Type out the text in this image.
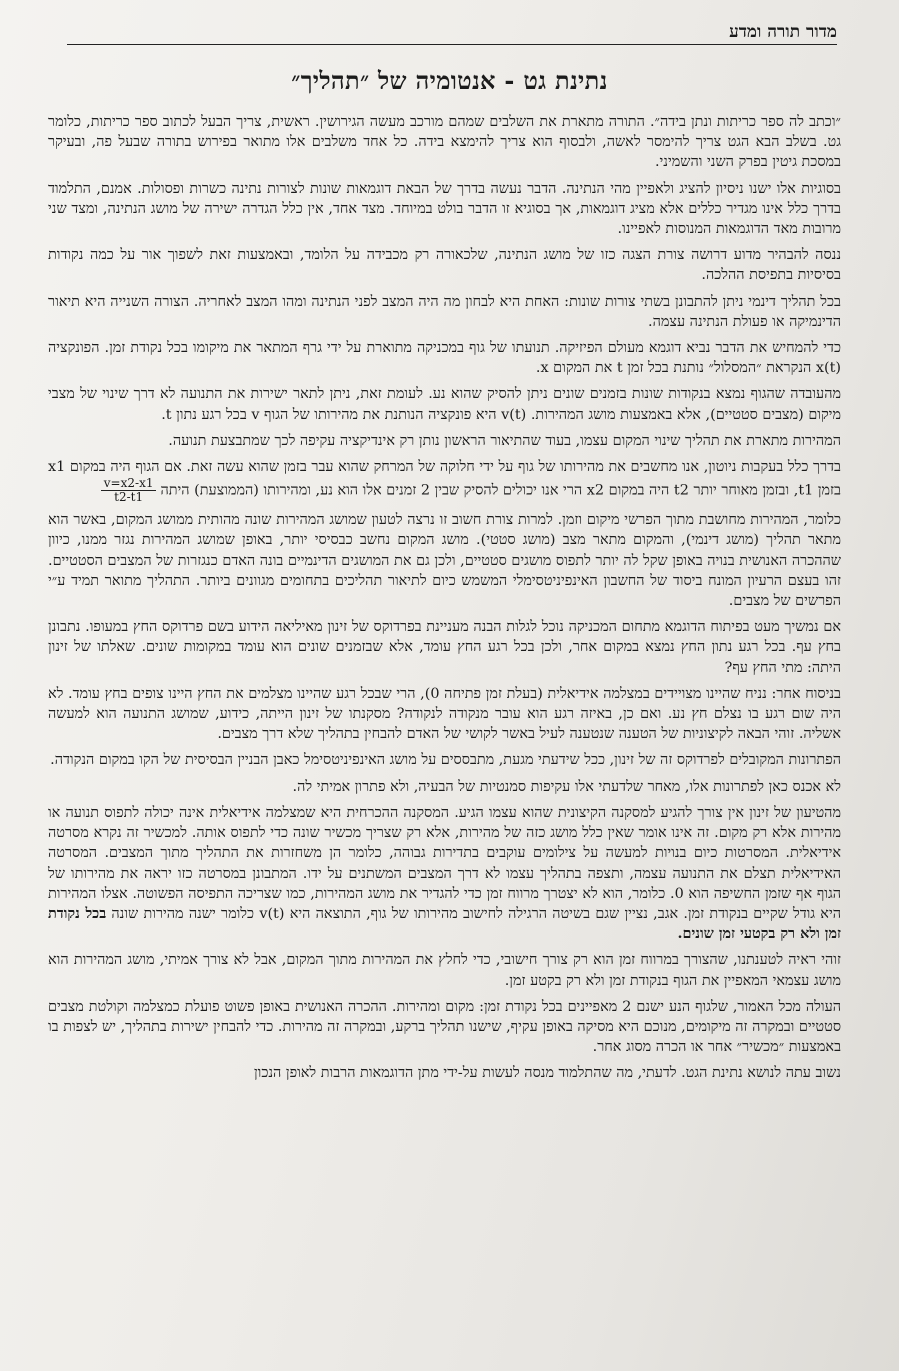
מדור תורה ומדע
נתינת גט - אנטומיה של ״תהליך״

״וכתב לה ספר כריתות ונתן בידה״. התורה מתארת את השלבים שמהם מורכב מעשה הגירושין. ראשית, צריך הבעל לכתוב ספר כריתות, כלומר גט. בשלב הבא הגט צריך להימסר לאשה, ולבסוף הוא צריך להימצא בידה. כל אחד משלבים אלו מתואר בפירוש בתורה שבעל פה, ובעיקר במסכת גיטין בפרק השני והשמיני.

בסוגיות אלו ישנו ניסיון להציג ולאפיין מהי הנתינה. הדבר נעשה בדרך של הבאת דוגמאות שונות לצורות נתינה כשרות ופסולות. אמנם, התלמוד בדרך כלל אינו מגדיר כללים אלא מציג דוגמאות, אך בסוגיא זו הדבר בולט במיוחד. מצד אחד, אין כלל הגדרה ישירה של מושג הנתינה, ומצד שני מרובות מאד הדוגמאות המנוסות לאפיינו.

ננסה להבהיר מדוע דרושה צורת הצגה כזו של מושג הנתינה, שלכאורה רק מכבידה על הלומד, ובאמצעות זאת לשפוך אור על כמה נקודות בסיסיות בתפיסת ההלכה.

בכל תהליך דינמי ניתן להתבונן בשתי צורות שונות: האחת היא לבחון מה היה המצב לפני הנתינה ומהו המצב לאחריה. הצורה השנייה היא תיאור הדינמיקה או פעולת הנתינה עצמה.

כדי להמחיש את הדבר נביא דוגמא מעולם הפיזיקה. תנועתו של גוף במכניקה מתוארת על ידי גרף המתאר את מיקומו בכל נקודת זמן. הפונקציה x(t) הנקראת ״המסלול״ נותנת בכל זמן t את המקום x.

מהעובדה שהגוף נמצא בנקודות שונות בזמנים שונים ניתן להסיק שהוא נע. לעומת זאת, ניתן לתאר ישירות את התנועה לא דרך שינוי של מצבי מיקום (מצבים סטטיים), אלא באמצעות מושג המהירות. v(t) היא פונקציה הנותנת את מהירותו של הגוף v בכל רגע נתון t.

המהירות מתארת את תהליך שינוי המקום עצמו, בעוד שהתיאור הראשון נותן רק אינדיקציה עקיפה לכך שמתבצעת תנועה.

בדרך כלל בעקבות ניוטון, אנו מחשבים את מהירותו של גוף על ידי חלוקה של המרחק שהוא עבר בזמן שהוא עשה זאת. אם הגוף היה במקום x1 בזמן t1, ובזמן מאוחר יותר t2 היה במקום x2 הרי אנו יכולים להסיק שבין 2 זמנים אלו הוא נע, ומהירותו (הממוצעת) היתה
$\frac{v=x2-x1}{t2-t1}$

כלומר, המהירות מחושבת מתוך הפרשי מיקום וזמן. למרות צורת חשוב זו נרצה לטעון שמושג המהירות שונה מהותית ממושג המקום, באשר הוא מתאר תהליך (מושג דינמי), והמקום מתאר מצב (מושג סטטי). מושג המקום נחשב כבסיסי יותר, באופן שמושג המהירות נגזר ממנו, כיוון שההכרה האנושית בנויה באופן שקל לה יותר לתפוס מושגים סטטיים, ולכן גם את המושגים הדינמיים בונה האדם כנגזרות של המצבים הסטטיים. זהו בעצם הרעיון המונח ביסוד של החשבון האינפיניטסימלי המשמש כיום לתיאור תהליכים בתחומים מגוונים ביותר. התהליך מתואר תמיד ע״י הפרשים של מצבים.

אם נמשיך מעט בפיתוח הדוגמא מתחום המכניקה נוכל לגלות הבנה מעניינת בפרדוקס של זינון מאיליאה הידוע בשם פרדוקס החץ במעופו. נתבונן בחץ עף. בכל רגע נתון החץ נמצא במקום אחר, ולכן בכל רגע החץ עומד, אלא שבזמנים שונים הוא עומד במקומות שונים. שאלתו של זינון היתה: מתי החץ עף?

בניסוח אחר: נניח שהיינו מצויידים במצלמה אידיאלית (בעלת זמן פתיחה 0), הרי שבכל רגע שהיינו מצלמים את החץ היינו צופים בחץ עומד. לא היה שום רגע בו נצלם חץ נע. ואם כן, באיזה רגע הוא עובר מנקודה לנקודה? מסקנתו של זינון הייתה, כידוע, שמושג התנועה הוא למעשה אשליה. זוהי הבאה לקיצוניות של הטענה שנטענה לעיל באשר לקושי של האדם להבחין בתהליך שלא דרך מצבים.

הפתרונות המקובלים לפרדוקס זה של זינון, ככל שידעתי מגעת, מתבססים על מושג האינפיניטסימל כאבן הבניין הבסיסית של הקו במקום הנקודה.

לא אכנס כאן לפתרונות אלו, מאחר שלדעתי אלו עקיפות סמנטיות של הבעיה, ולא פתרון אמיתי לה.

מהטיעון של זינון אין צורך להגיע למסקנה הקיצונית שהוא עצמו הגיע. המסקנה ההכרחית היא שמצלמה אידיאלית אינה יכולה לתפוס תנועה או מהירות אלא רק מקום. זה אינו אומר שאין כלל מושג כזה של מהירות, אלא רק שצריך מכשיר שונה כדי לתפוס אותה. למכשיר זה נקרא מסרטה אידיאלית. המסרטות כיום בנויות למעשה על צילומים עוקבים בתדירות גבוהה, כלומר הן משחזרות את התהליך מתוך המצבים. המסרטה האידיאלית תצלם את התנועה עצמה, ותצפה בתהליך עצמו לא דרך המצבים המשתנים על ידו. המתבונן במסרטה כזו יראה את מהירותו של הגוף אף שזמן החשיפה הוא 0. כלומר, הוא לא יצטרך מרווח זמן כדי להגדיר את מושג המהירות, כמו שצריכה התפיסה הפשוטה. אצלו המהירות היא גודל שקיים בנקודת זמן. אגב, נציין שגם בשיטה הרגילה לחישוב מהירותו של גוף, התוצאה היא v(t) כלומר ישנה מהירות שונה בכל נקודת זמן ולא רק בקטעי זמן שונים.

זוהי ראיה לטענתנו, שהצורך במרווח זמן הוא רק צורך חישובי, כדי לחלץ את המהירות מתוך המקום, אבל לא צורך אמיתי, מושג המהירות הוא מושג עצמאי המאפיין את הגוף בנקודת זמן ולא רק בקטע זמן.

העולה מכל האמור, שלגוף הנע ישנם 2 מאפיינים בכל נקודת זמן: מקום ומהירות. ההכרה האנושית באופן פשוט פועלת כמצלמה וקולטת מצבים סטטיים ובמקרה זה מיקומים, מנוכם היא מסיקה באופן עקיף, שישנו תהליך ברקע, ובמקרה זה מהירות. כדי להבחין ישירות בתהליך, יש לצפות בו באמצעות ״מכשיר״ אחר או הכרה מסוג אחר.

נשוב עתה לנושא נתינת הגט. לדעתי, מה שהתלמוד מנסה לעשות על-ידי מתן הדוגמאות הרבות לאופן הנכון
